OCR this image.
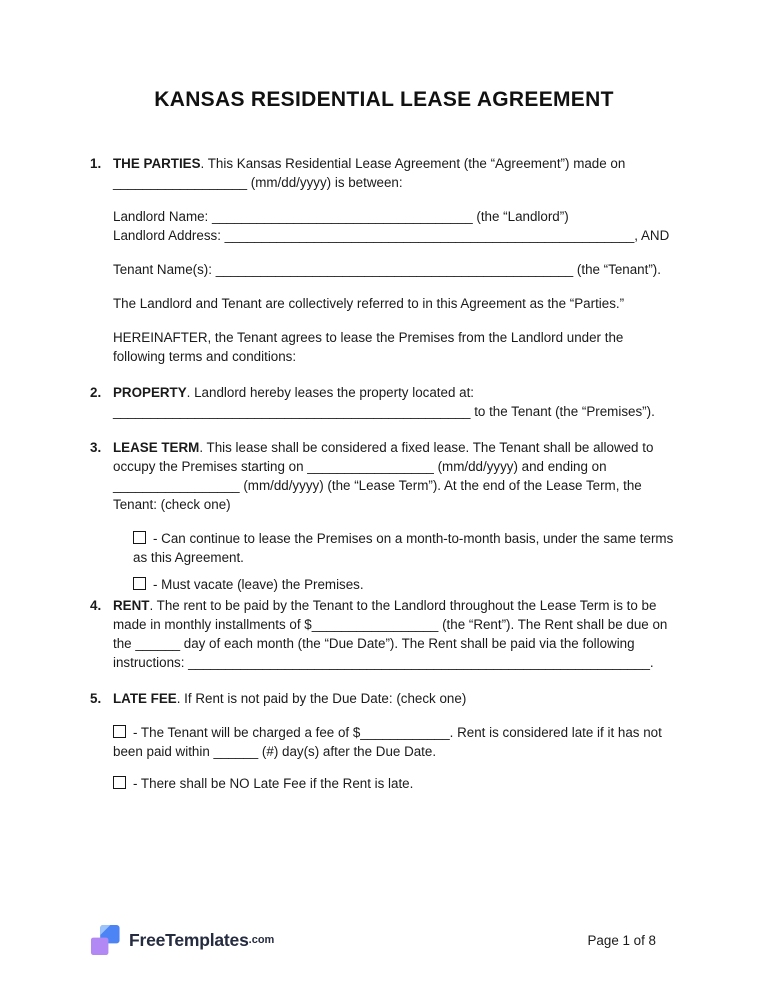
KANSAS RESIDENTIAL LEASE AGREEMENT
1. THE PARTIES. This Kansas Residential Lease Agreement (the “Agreement”) made on __________________ (mm/dd/yyyy) is between:

Landlord Name: ___________________________________ (the “Landlord”)

Landlord Address: _______________________________________________________, AND

Tenant Name(s): ________________________________________________ (the “Tenant”).

The Landlord and Tenant are collectively referred to in this Agreement as the “Parties.”

HEREINAFTER, the Tenant agrees to lease the Premises from the Landlord under the following terms and conditions:

2. PROPERTY. Landlord hereby leases the property located at: ________________________________________________ to the Tenant (the “Premises”).

3. LEASE TERM. This lease shall be considered a fixed lease. The Tenant shall be allowed to occupy the Premises starting on _________________ (mm/dd/yyyy) and ending on _________________ (mm/dd/yyyy) (the “Lease Term”). At the end of the Lease Term, the Tenant: (check one)

- Can continue to lease the Premises on a month-to-month basis, under the same terms as this Agreement.

- Must vacate (leave) the Premises.

4. RENT. The rent to be paid by the Tenant to the Landlord throughout the Lease Term is to be made in monthly installments of $_________________ (the “Rent”). The Rent shall be due on the ______ day of each month (the “Due Date”). The Rent shall be paid via the following instructions: ______________________________________________________________.

5. LATE FEE. If Rent is not paid by the Due Date: (check one)

- The Tenant will be charged a fee of $____________. Rent is considered late if it has not been paid within ______ (#) day(s) after the Due Date.

- There shall be NO Late Fee if the Rent is late.

FreeTemplates .com	Page 1 of 8
